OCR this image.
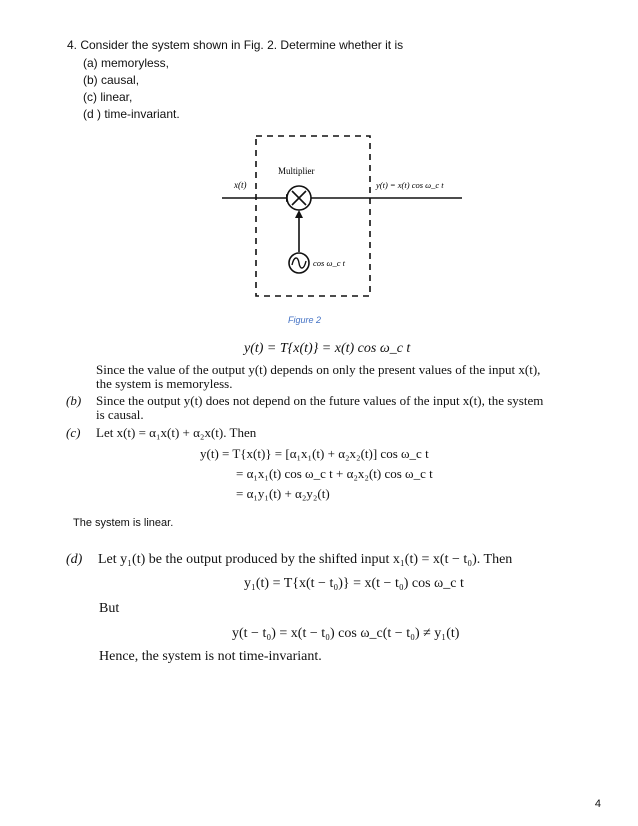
4. Consider the system shown in Fig. 2. Determine whether it is
(a) memoryless,
(b) causal,
(c) linear,
(d ) time-invariant.
Multiplier
x(t)	y(t) = x(t) cos ω_c t
cos ω_c t
Figure 2
y(t) = T{x(t)} = x(t) cos ω_c t
Since the value of the output y(t) depends on only the present values of the input x(t),
the system is memoryless.
(b) Since the output y(t) does not depend on the future values of the input x(t), the system
is causal.
(c) Let x(t) = α₁x(t) + α₂x(t). Then
y(t) = T{x(t)} = [α₁x₁(t) + α₂x₂(t)] cos ω_c t
= α₁x₁(t) cos ω_c t + α₂x₂(t) cos ω_c t
= α₁y₁(t) + α₂y₂(t)
The system is linear.
(d) Let y₁(t) be the output produced by the shifted input x₁(t) = x(t − t₀). Then
y₁(t) = T{x(t − t₀)} = x(t − t₀) cos ω_c t
But
y(t − t₀) = x(t − t₀) cos ω_c(t − t₀) ≠ y₁(t)
Hence, the system is not time-invariant.
4
